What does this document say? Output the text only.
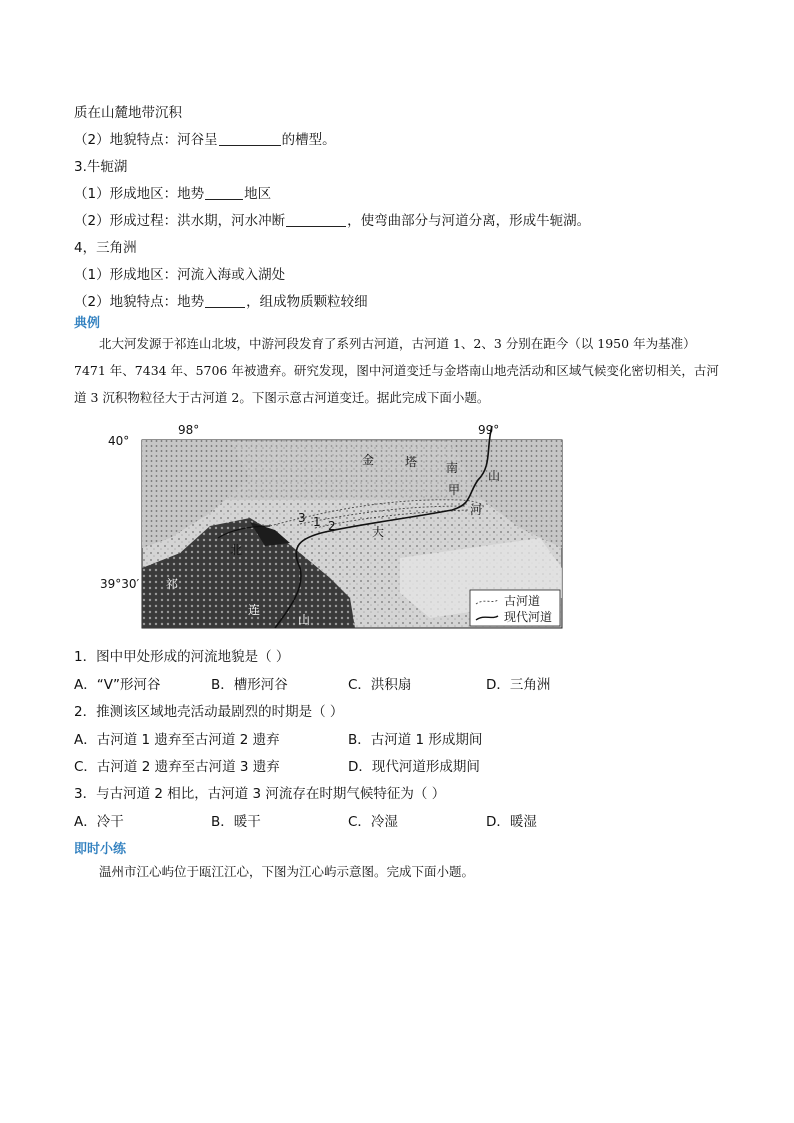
质在山麓地带沉积
（2）地貌特点：河谷呈	的槽型。
3.牛轭湖
（1）形成地区：地势	地区
（2）形成过程：洪水期，河水冲断	，使弯曲部分与河道分离，形成牛轭湖。
4，三角洲
（1）形成地区：河流入海或入湖处
（2）地貌特点：地势	，组成物质颗粒较细
典例
北大河发源于祁连山北坡，中游河段发育了系列古河道，古河道 1、2、3 分别在距今（以 1950 年为基准）7471 年、7434 年、5706 年被遗弃。研究发现，图中河道变迁与金塔南山地壳活动和区域气候变化密切相关，古河道 3 沉积物粒径大于古河道 2。下图示意古河道变迁。据此完成下面小题。
98°	99°
40°
39°30′
金	塔 南
山
甲
河
大
北
祁
连
山
3 1 2
古河道
现代河道
1．图中甲处形成的河流地貌是（ ）
A．“V”形河谷	B．槽形河谷	C．洪积扇	D．三角洲
2．推测该区域地壳活动最剧烈的时期是（ ）
A．古河道 1 遗弃至古河道 2 遗弃	B．古河道 1 形成期间
C．古河道 2 遗弃至古河道 3 遗弃	D．现代河道形成期间
3．与古河道 2 相比，古河道 3 河流存在时期气候特征为（ ）
A．冷干	B．暖干	C．冷湿	D．暖湿
即时小练
温州市江心屿位于瓯江江心，下图为江心屿示意图。完成下面小题。
